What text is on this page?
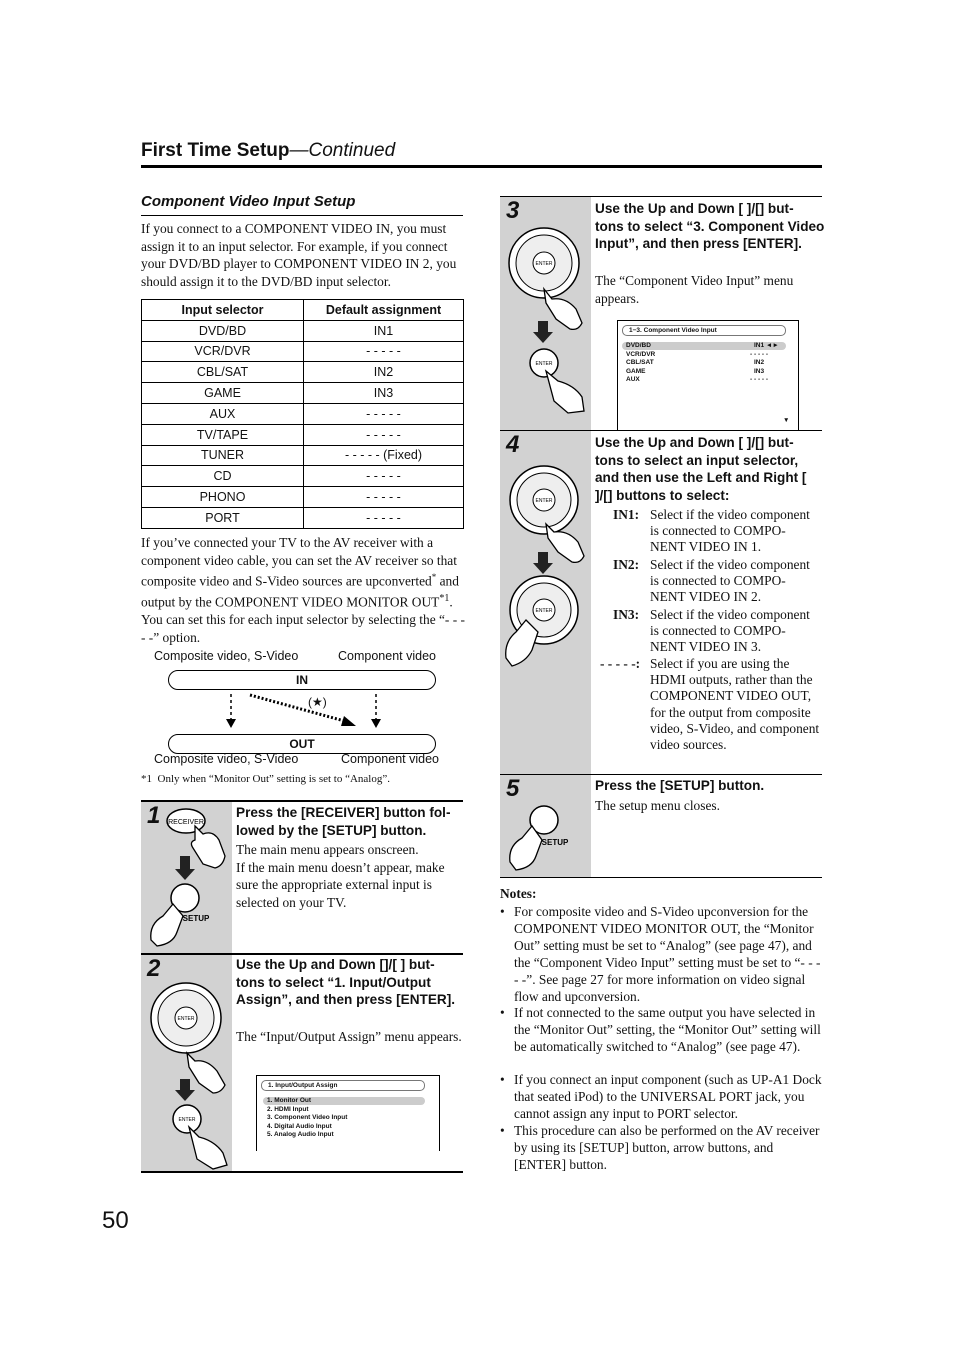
First Time Setup—Continued
Component Video Input Setup
If you connect to a COMPONENT VIDEO IN, you must assign it to an input selector. For example, if you connect your DVD/BD player to COMPONENT VIDEO IN 2, you should assign it to the DVD/BD input selector.
Input selector	Default assignment
DVD/BD	IN1
VCR/DVR	- - - - -
CBL/SAT	IN2
GAME	IN3
AUX	- - - - -
TV/TAPE	- - - - -
TUNER	- - - - - (Fixed)
CD	- - - - -
PHONO	- - - - -
PORT	- - - - -
If you’ve connected your TV to the AV receiver with a component video cable, you can set the AV receiver so that composite video and S-Video sources are upconverted* and output by the COMPONENT VIDEO MONITOR OUT$^{*1}$. You can set this for each input selector by selecting the “- - - - -” option.
Composite video, S-Video	Component video
IN
(★)
OUT
Composite video, S-Video	Component video
*1 Only when “Monitor Out” setting is set to “Analog”.
1 RECEIVER
SETUP
Press the [RECEIVER] button fol- lowed by the [SETUP] button.
The main menu appears onscreen.
If the main menu doesn’t appear, make sure the appropriate external input is selected on your TV.
2
ENTER
ENTER
Use the Up and Down []/[ ] but- tons to select “1. Input/Output Assign”, and then press [ENTER].
The “Input/Output Assign” menu appears.
1. Input/Output Assign
1. Monitor Out
2. HDMI Input
3. Component Video Input
4. Digital Audio Input
5. Analog Audio Input
3
ENTER
ENTER
Use the Up and Down [ ]/[] but- tons to select “3. Component Video Input”, and then press [ENTER].
The “Component Video Input” menu appears.
1−3. Component Video Input
DVD/BD	IN1 ◄►
VCR/DVR	- - - - -
CBL/SAT	IN2
GAME	IN3
AUX	- - - - -
▼
4
ENTER
ENTER
Use the Up and Down [ ]/[] but- tons to select an input selector, and then use the Left and Right [ ]/[] buttons to select:
IN1: Select if the video component is connected to COMPO- NENT VIDEO IN 1.
IN2: Select if the video component is connected to COMPO- NENT VIDEO IN 2.
IN3: Select if the video component is connected to COMPO- NENT VIDEO IN 3.
- - - - -: Select if you are using the HDMI outputs, rather than the COMPONENT VIDEO OUT, for the output from composite video, S-Video, and component video sources.
5
SETUP
Press the [SETUP] button.
The setup menu closes.
Notes:
• For composite video and S-Video upconversion for the COMPONENT VIDEO MONITOR OUT, the “Monitor Out” setting must be set to “Analog” (see page 47), and the “Component Video Input” setting must be set to “- - - - -”. See page 27 for more information on video signal flow and upconversion.
• If not connected to the same output you have selected in the “Monitor Out” setting, the “Monitor Out” setting will be automatically switched to “Analog” (see page 47).
• If you connect an input component (such as UP-A1 Dock that seated iPod) to the UNIVERSAL PORT jack, you cannot assign any input to PORT selector.
• This procedure can also be performed on the AV receiver by using its [SETUP] button, arrow buttons, and [ENTER] button.
50
